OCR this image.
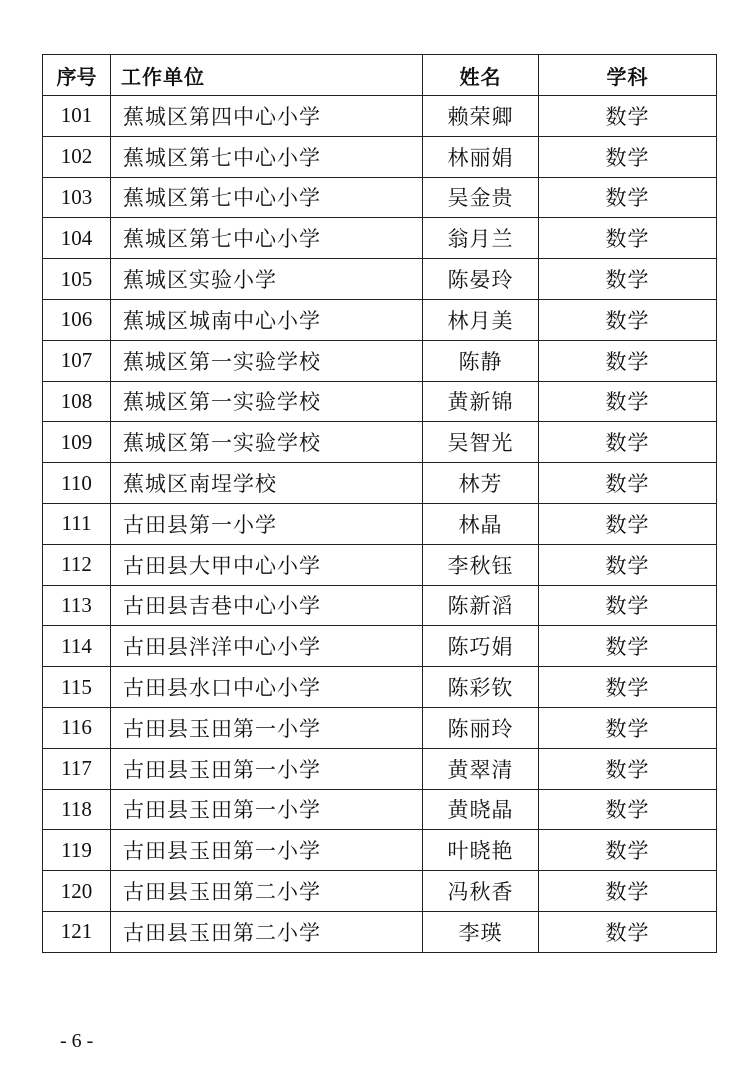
序号	工作单位	姓名	学科
101	蕉城区第四中心小学	赖荣卿	数学
102	蕉城区第七中心小学	林丽娟	数学
103	蕉城区第七中心小学	吴金贵	数学
104	蕉城区第七中心小学	翁月兰	数学
105	蕉城区实验小学	陈晏玲	数学
106	蕉城区城南中心小学	林月美	数学
107	蕉城区第一实验学校	陈静	数学
108	蕉城区第一实验学校	黄新锦	数学
109	蕉城区第一实验学校	吴智光	数学
110	蕉城区南埕学校	林芳	数学
111	古田县第一小学	林晶	数学
112	古田县大甲中心小学	李秋钰	数学
113	古田县吉巷中心小学	陈新滔	数学
114	古田县泮洋中心小学	陈巧娟	数学
115	古田县水口中心小学	陈彩钦	数学
116	古田县玉田第一小学	陈丽玲	数学
117	古田县玉田第一小学	黄翠清	数学
118	古田县玉田第一小学	黄晓晶	数学
119	古田县玉田第一小学	叶晓艳	数学
120	古田县玉田第二小学	冯秋香	数学
121	古田县玉田第二小学	李瑛	数学
- 6 -
